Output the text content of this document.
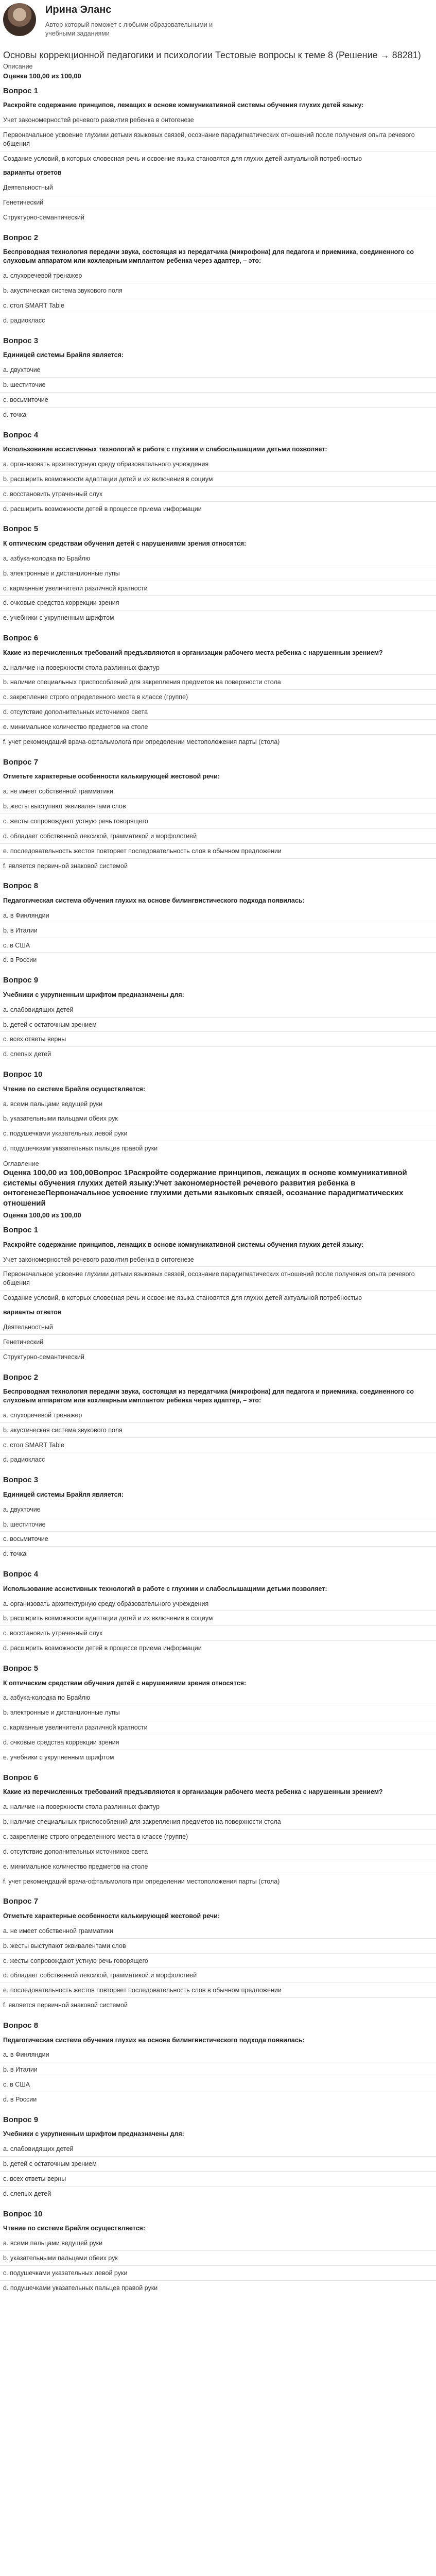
Ирина Эланс
Автор который поможет с любыми образовательными и учебными заданиями
Основы коррекционной педагогики и психологии Тестовые вопросы к теме 8 (Решение → 88281)
Описание
Оценка 100,00 из 100,00
Вопрос 1
Раскройте содержание принципов, лежащих в основе коммуникативной системы обучения глухих детей языку:
Учет закономерностей речевого развития ребенка в онтогенезе
Первоначальное усвоение глухими детьми языковых связей, осознание парадигматических отношений после получения опыта речевого общения
Создание условий, в которых словесная речь и освоение языка становятся для глухих детей актуальной потребностью
варианты ответов
Деятельностный
Генетический
Структурно-семантический
Вопрос 2
Беспроводная технология передачи звука, состоящая из передатчика (микрофона) для педагога и приемника, соединенного со слуховым аппаратом или кохлеарным имплантом ребенка через адаптер, – это:
a. слухоречевой тренажер
b. акустическая система звукового поля
c. стол SMART Table
d. радиокласс
Вопрос 3
Единицей системы Брайля является:
a. двухточие
b. шеститочие
c. восьмиточие
d. точка
Вопрос 4
Использование ассистивных технологий в работе с глухими и слабослышащими детьми позволяет:
a. организовать архитектурную среду образовательного учреждения
b. расширить возможности адаптации детей и их включения в социум
c. восстановить утраченный слух
d. расширить возможности детей в процессе приема информации
Вопрос 5
К оптическим средствам обучения детей с нарушениями зрения относятся:
a. азбука-колодка по Брайлю
b. электронные и дистанционные лупы
c. карманные увеличители различной кратности
d. очковые средства коррекции зрения
e. учебники с укрупненным шрифтом
Вопрос 6
Какие из перечисленных требований предъявляются к организации рабочего места ребенка с нарушенным зрением?
a. наличие на поверхности стола разлинных фактур
b. наличие специальных приспособлений для закрепления предметов на поверхности стола
c. закрепление строго определенного места в классе (группе)
d. отсутствие дополнительных источников света
e. минимальное количество предметов на столе
f. учет рекомендаций врача-офтальмолога при определении местоположения парты (стола)
Вопрос 7
Отметьте характерные особенности калькирующей жестовой речи:
a. не имеет собственной грамматики
b. жесты выступают эквивалентами слов
c. жесты сопровождают устную речь говорящего
d. обладает собственной лексикой, грамматикой и морфологией
e. последовательность жестов повторяет последовательность слов в обычном предложении
f. является первичной знаковой системой
Вопрос 8
Педагогическая система обучения глухих на основе билингвистического подхода появилась:
a. в Финляндии
b. в Италии
c. в США
d. в России
Вопрос 9
Учебники с укрупненным шрифтом предназначены для:
a. слабовидящих детей
b. детей с остаточным зрением
c. всех ответы верны
d. слепых детей
Вопрос 10
Чтение по системе Брайля осуществляется:
a. всеми пальцами ведущей руки
b. указательными пальцами обеих рук
c. подушечками указательных левой руки
d. подушечками указательных пальцев правой руки
Оглавление
Оценка 100,00 из 100,00Вопрос 1Раскройте содержание принципов, лежащих в основе коммуникативной системы обучения глухих детей языку:Учет закономерностей речевого развития ребенка в онтогенезеПервоначальное усвоение глухими детьми языковых связей, осознание парадигматических отношений
Оценка 100,00 из 100,00
Вопрос 1
Раскройте содержание принципов, лежащих в основе коммуникативной системы обучения глухих детей языку:
Учет закономерностей речевого развития ребенка в онтогенезе
Первоначальное усвоение глухими детьми языковых связей, осознание парадигматических отношений после получения опыта речевого общения
Создание условий, в которых словесная речь и освоение языка становятся для глухих детей актуальной потребностью
варианты ответов
Деятельностный
Генетический
Структурно-семантический
Вопрос 2
Беспроводная технология передачи звука, состоящая из передатчика (микрофона) для педагога и приемника, соединенного со слуховым аппаратом или кохлеарным имплантом ребенка через адаптер, – это:
a. слухоречевой тренажер
b. акустическая система звукового поля
c. стол SMART Table
d. радиокласс
Вопрос 3
Единицей системы Брайля является:
a. двухточие
b. шеститочие
c. восьмиточие
d. точка
Вопрос 4
Использование ассистивных технологий в работе с глухими и слабослышащими детьми позволяет:
a. организовать архитектурную среду образовательного учреждения
b. расширить возможности адаптации детей и их включения в социум
c. восстановить утраченный слух
d. расширить возможности детей в процессе приема информации
Вопрос 5
К оптическим средствам обучения детей с нарушениями зрения относятся:
a. азбука-колодка по Брайлю
b. электронные и дистанционные лупы
c. карманные увеличители различной кратности
d. очковые средства коррекции зрения
e. учебники с укрупненным шрифтом
Вопрос 6
Какие из перечисленных требований предъявляются к организации рабочего места ребенка с нарушенным зрением?
a. наличие на поверхности стола разлинных фактур
b. наличие специальных приспособлений для закрепления предметов на поверхности стола
c. закрепление строго определенного места в классе (группе)
d. отсутствие дополнительных источников света
e. минимальное количество предметов на столе
f. учет рекомендаций врача-офтальмолога при определении местоположения парты (стола)
Вопрос 7
Отметьте характерные особенности калькирующей жестовой речи:
a. не имеет собственной грамматики
b. жесты выступают эквивалентами слов
c. жесты сопровождают устную речь говорящего
d. обладает собственной лексикой, грамматикой и морфологией
e. последовательность жестов повторяет последовательность слов в обычном предложении
f. является первичной знаковой системой
Вопрос 8
Педагогическая система обучения глухих на основе билингвистического подхода появилась:
a. в Финляндии
b. в Италии
c. в США
d. в России
Вопрос 9
Учебники с укрупненным шрифтом предназначены для:
a. слабовидящих детей
b. детей с остаточным зрением
c. всех ответы верны
d. слепых детей
Вопрос 10
Чтение по системе Брайля осуществляется:
a. всеми пальцами ведущей руки
b. указательными пальцами обеих рук
c. подушечками указательных левой руки
d. подушечками указательных пальцев правой руки
